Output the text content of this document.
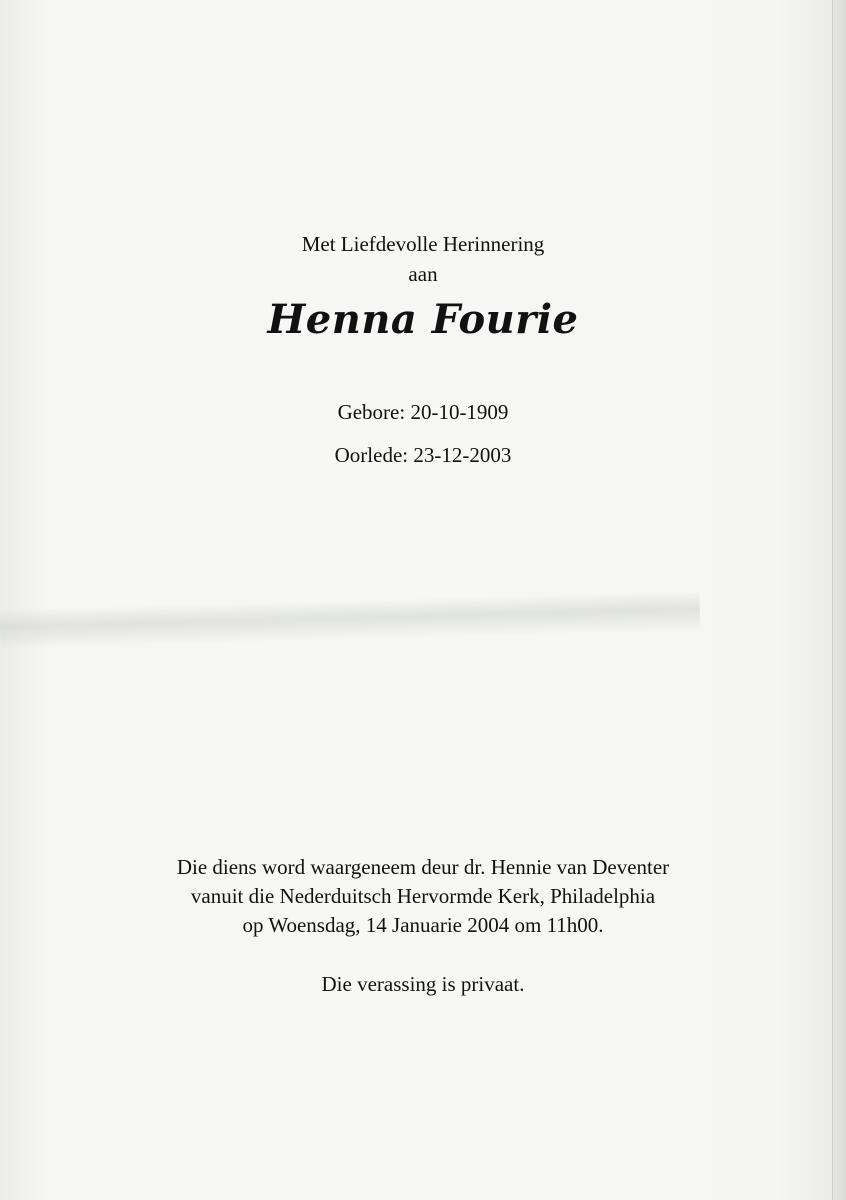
Met Liefdevolle Herinnering
aan
Henna Fourie
Gebore: 20-10-1909
Oorlede: 23-12-2003
Die diens word waargeneem deur dr. Hennie van Deventer
vanuit die Nederduitsch Hervormde Kerk, Philadelphia
op Woensdag, 14 Januarie 2004 om 11h00.
Die verassing is privaat.
